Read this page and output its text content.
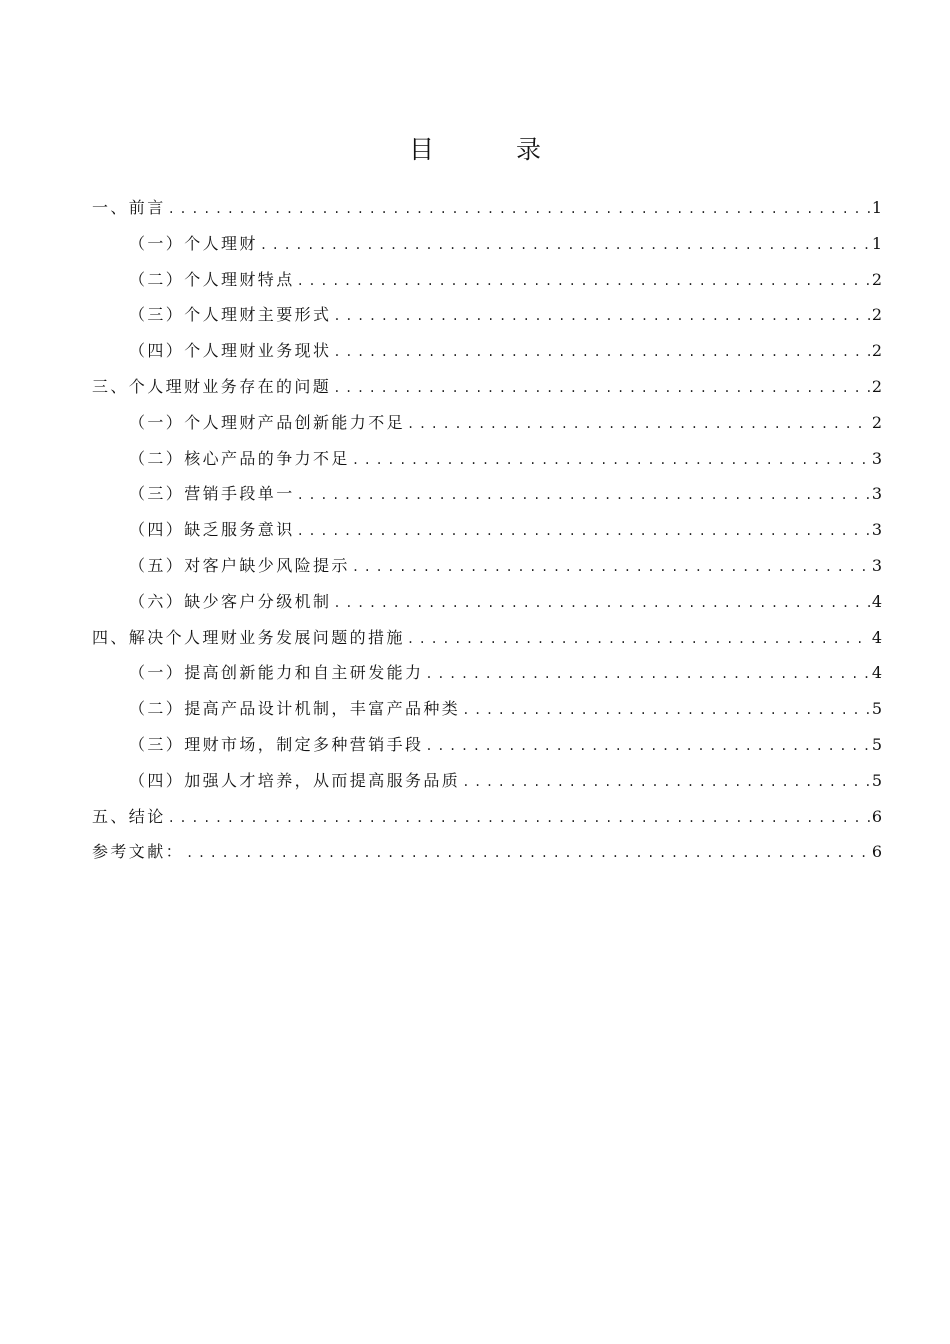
目	录
一、前言 .....	1
（一）个人理财 .....	1
（二）个人理财特点 .....	2
（三）个人理财主要形式 .....	2
（四）个人理财业务现状 .....	2
三、个人理财业务存在的问题 .....	2
（一）个人理财产品创新能力不足 .....	2
（二）核心产品的争力不足 .....	3
（三）营销手段单一 .....	3
（四）缺乏服务意识 .....	3
（五）对客户缺少风险提示 .....	3
（六）缺少客户分级机制 .....	4
四、解决个人理财业务发展问题的措施 .....	4
（一）提高创新能力和自主研发能力 .....	4
（二）提高产品设计机制，丰富产品种类 .....	5
（三）理财市场，制定多种营销手段 .....	5
（四）加强人才培养，从而提高服务品质 .....	5
五、结论 .....	6
参考文献： .....	6
